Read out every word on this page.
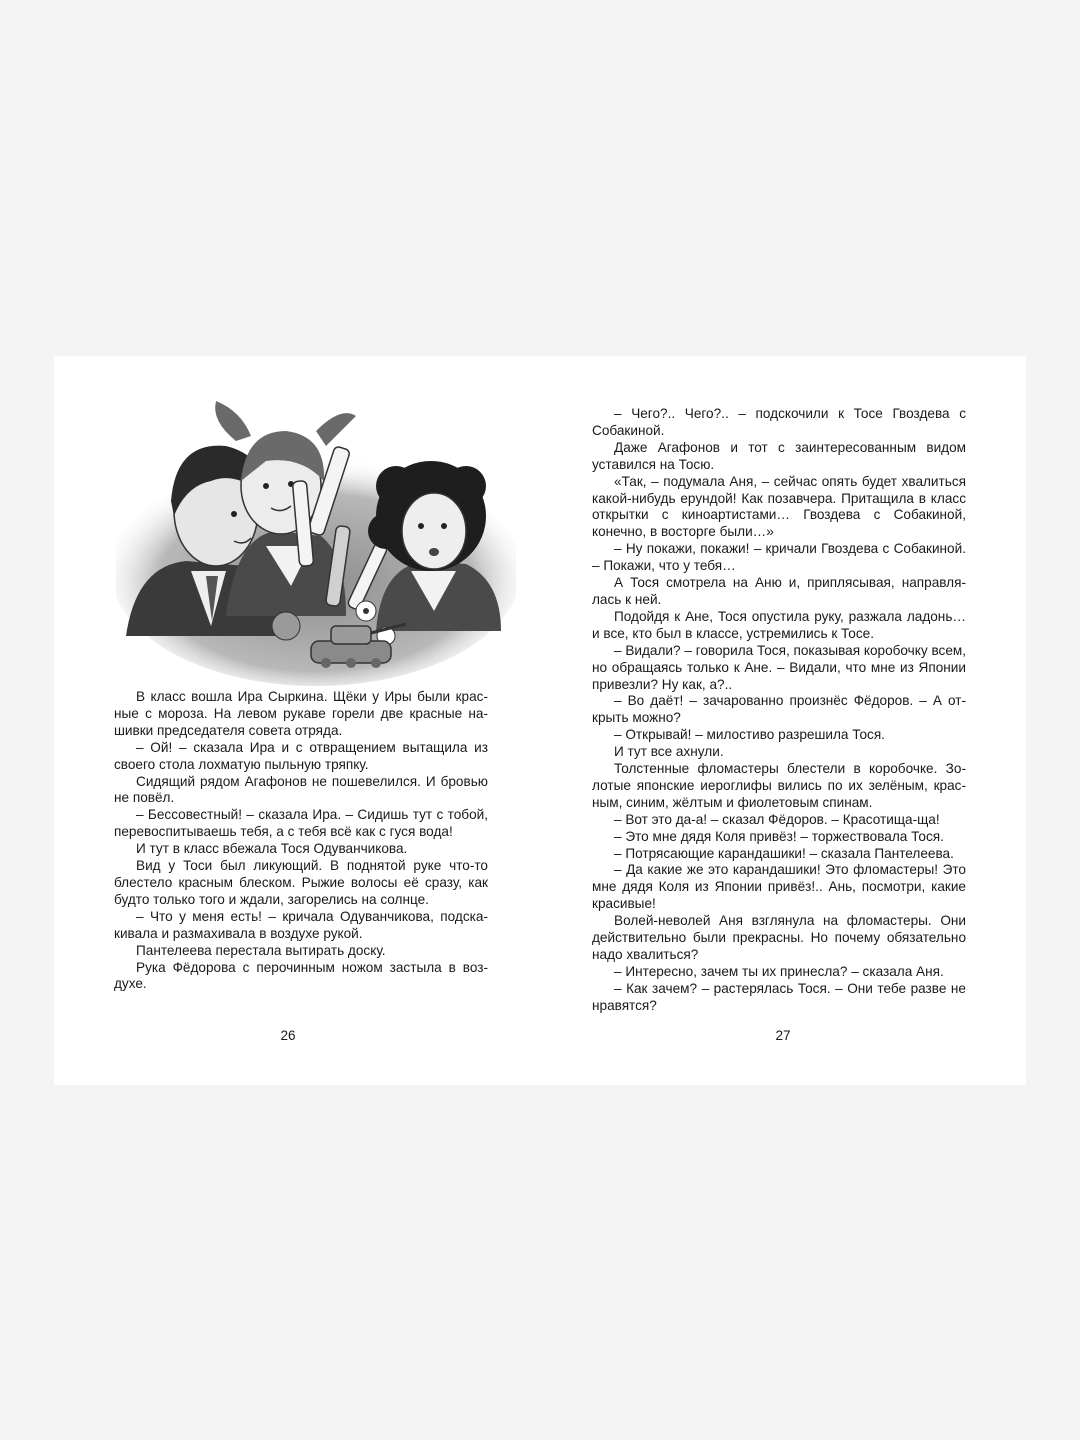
В класс вошла Ира Сыркина. Щёки у Иры были красные с мороза. На левом рукаве горели две красные нашивки председателя совета отряда.

– Ой! – сказала Ира и с отвращением вытащила из своего стола лохматую пыльную тряпку.

Сидящий рядом Агафонов не пошевелился. И бровью не повёл.

– Бессовестный! – сказала Ира. – Сидишь тут с тобой, перевоспитываешь тебя, а с тебя всё как с гуся вода!

И тут в класс вбежала Тося Одуванчикова.

Вид у Тоси был ликующий. В поднятой руке что-то блестело красным блеском. Рыжие волосы её сразу, как будто только того и ждали, загорелись на солнце.

– Что у меня есть! – кричала Одуванчикова, подскакивала и размахивала в воздухе рукой.

Пантелеева перестала вытирать доску.

Рука Фёдорова с перочинным ножом застыла в воздухе.

26

– Чего?.. Чего?.. – подскочили к Тосе Гвоздева с Собакиной.

Даже Агафонов и тот с заинтересованным видом уставился на Тосю.

«Так, – подумала Аня, – сейчас опять будет хвалиться какой-нибудь ерундой! Как позавчера. Притащила в класс открытки с киноартистами… Гвоздева с Собакиной, конечно, в восторге были…»

– Ну покажи, покажи! – кричали Гвоздева с Собакиной. – Покажи, что у тебя…

А Тося смотрела на Аню и, приплясывая, направлялась к ней.

Подойдя к Ане, Тося опустила руку, разжала ладонь… и все, кто был в классе, устремились к Тосе.

– Видали? – говорила Тося, показывая коробочку всем, но обращаясь только к Ане. – Видали, что мне из Японии привезли? Ну как, а?..

– Во даёт! – зачарованно произнёс Фёдоров. – А открыть можно?

– Открывай! – милостиво разрешила Тося.

И тут все ахнули.

Толстенные фломастеры блестели в коробочке. Золотые японские иероглифы вились по их зелёным, красным, синим, жёлтым и фиолетовым спинам.

– Вот это да-а! – сказал Фёдоров. – Красотища-ща!

– Это мне дядя Коля привёз! – торжествовала Тося.

– Потрясающие карандашики! – сказала Пантелеева.

– Да какие же это карандашики! Это фломастеры! Это мне дядя Коля из Японии привёз!.. Ань, посмотри, какие красивые!

Волей-неволей Аня взглянула на фломастеры. Они действительно были прекрасны. Но почему обязательно надо хвалиться?

– Интересно, зачем ты их принесла? – сказала Аня.

– Как зачем? – растерялась Тося. – Они тебе разве не нравятся?

27
